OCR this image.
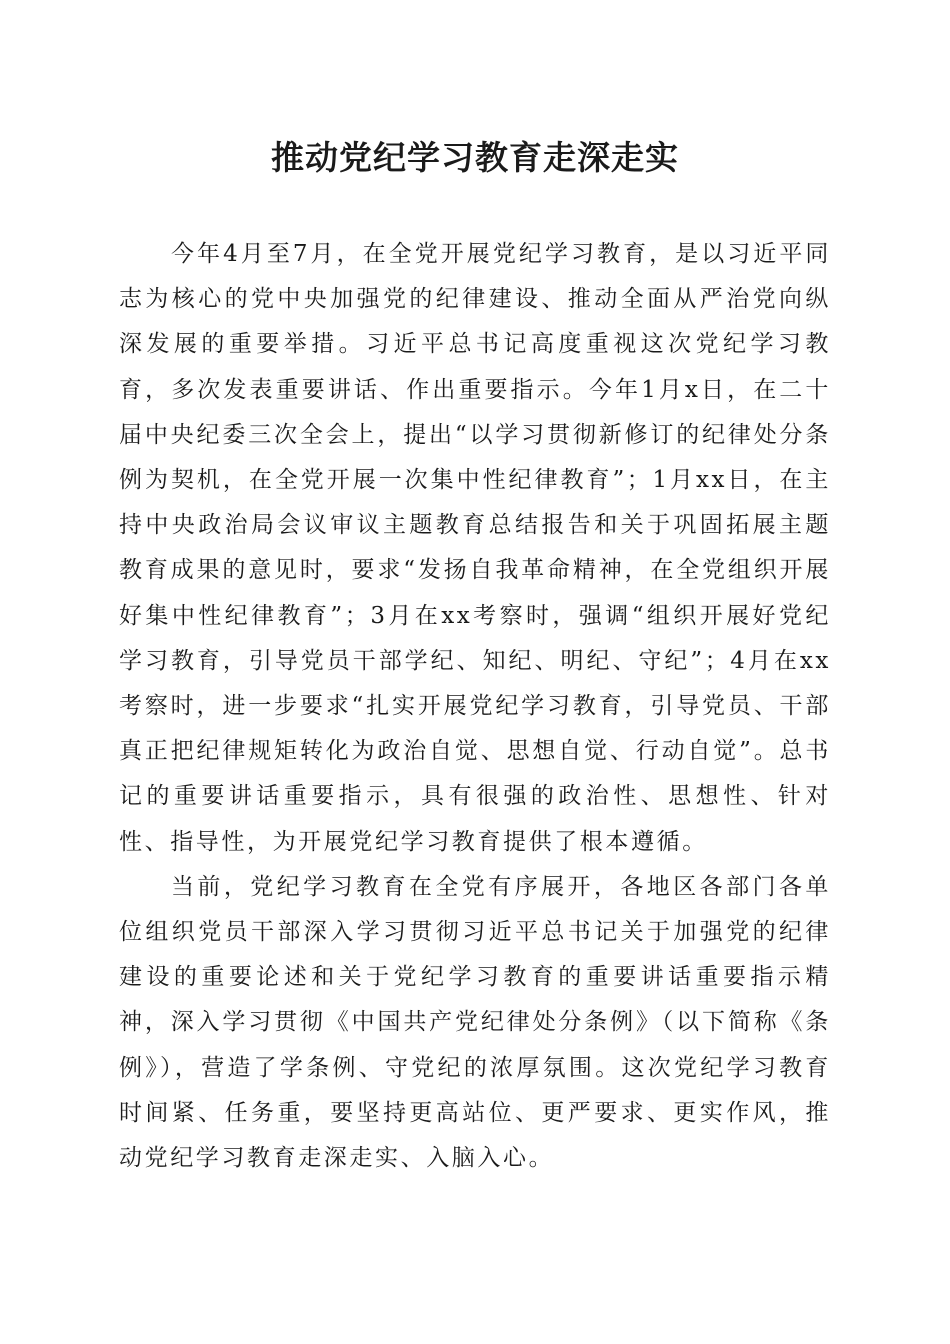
推动党纪学习教育走深走实

今年4月至7月，在全党开展党纪学习教育，是以习近平同志为核心的党中央加强党的纪律建设、推动全面从严治党向纵深发展的重要举措。习近平总书记高度重视这次党纪学习教育，多次发表重要讲话、作出重要指示。今年1月x日，在二十届中央纪委三次全会上，提出“以学习贯彻新修订的纪律处分条例为契机，在全党开展一次集中性纪律教育”；1月xx日，在主持中央政治局会议审议主题教育总结报告和关于巩固拓展主题教育成果的意见时，要求“发扬自我革命精神，在全党组织开展好集中性纪律教育”；3月在xx考察时，强调“组织开展好党纪学习教育，引导党员干部学纪、知纪、明纪、守纪”；4月在xx考察时，进一步要求“扎实开展党纪学习教育，引导党员、干部真正把纪律规矩转化为政治自觉、思想自觉、行动自觉”。总书记的重要讲话重要指示，具有很强的政治性、思想性、针对性、指导性，为开展党纪学习教育提供了根本遵循。

当前，党纪学习教育在全党有序展开，各地区各部门各单位组织党员干部深入学习贯彻习近平总书记关于加强党的纪律建设的重要论述和关于党纪学习教育的重要讲话重要指示精神，深入学习贯彻《中国共产党纪律处分条例》（以下简称《条例》），营造了学条例、守党纪的浓厚氛围。这次党纪学习教育时间紧、任务重，要坚持更高站位、更严要求、更实作风，推动党纪学习教育走深走实、入脑入心。
